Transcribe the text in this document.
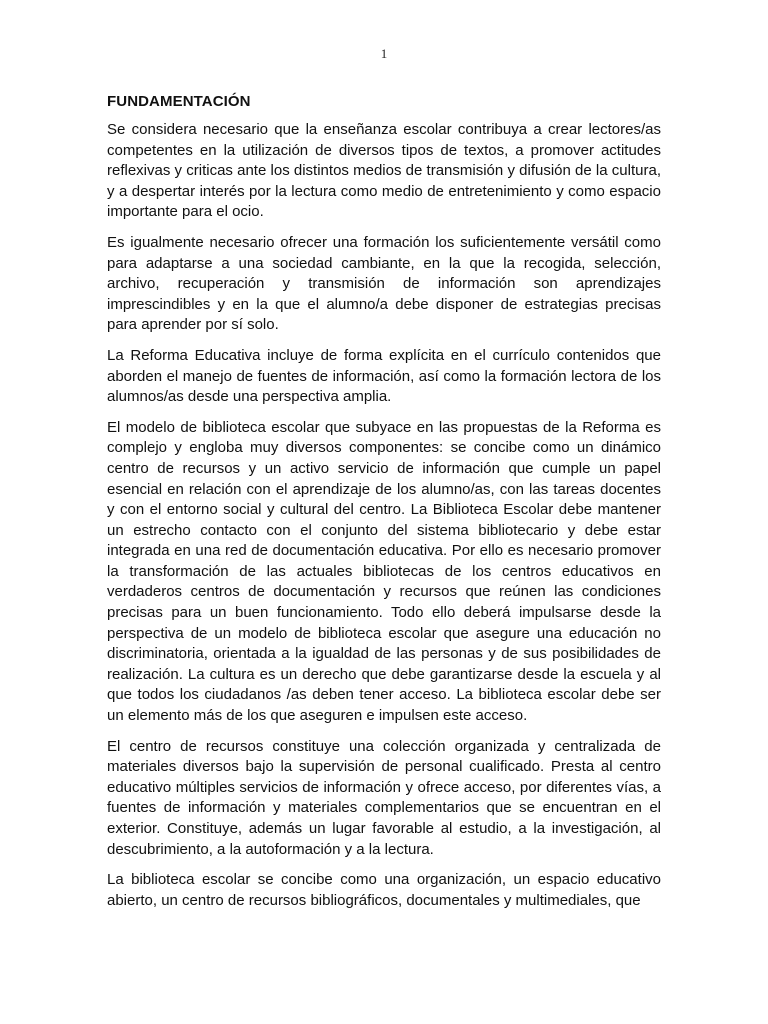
1
FUNDAMENTACIÓN

Se considera necesario que la enseñanza escolar contribuya a crear lectores/as competentes en la utilización de diversos tipos de textos, a promover actitudes reflexivas y criticas ante los distintos medios de transmisión y difusión de la cultura, y a despertar interés por la lectura como medio de entretenimiento y como espacio importante para el ocio.

Es igualmente necesario ofrecer una formación los suficientemente versátil como para adaptarse a una sociedad cambiante, en la que la recogida, selección, archivo, recuperación y transmisión de información son aprendizajes imprescindibles y en la que el alumno/a debe disponer de estrategias precisas para aprender por sí solo.

La Reforma Educativa incluye de forma explícita en el currículo contenidos que aborden el manejo de fuentes de información, así como la formación lectora de los alumnos/as desde una perspectiva amplia.

El modelo de biblioteca escolar que subyace en las propuestas de la Reforma es complejo y engloba muy diversos componentes: se concibe como un dinámico centro de recursos y un activo servicio de información que cumple un papel esencial en relación con el aprendizaje de los alumno/as, con las tareas docentes y con el entorno social y cultural del centro. La Biblioteca Escolar debe mantener un estrecho contacto con el conjunto del sistema bibliotecario y debe estar integrada en una red de documentación educativa. Por ello es necesario promover la transformación de las actuales bibliotecas de los centros educativos en verdaderos centros de documentación y recursos que reúnen las condiciones precisas para un buen funcionamiento. Todo ello deberá impulsarse desde la perspectiva de un modelo de biblioteca escolar que asegure una educación no discriminatoria, orientada a la igualdad de las personas y de sus posibilidades de realización. La cultura es un derecho que debe garantizarse desde la escuela y al que todos los ciudadanos /as deben tener acceso. La biblioteca escolar debe ser un elemento más de los que aseguren e impulsen este acceso.

El centro de recursos constituye una colección organizada y centralizada de materiales diversos bajo la supervisión de personal cualificado. Presta al centro educativo múltiples servicios de información y ofrece acceso, por diferentes vías, a fuentes de información y materiales complementarios que se encuentran en el exterior. Constituye, además un lugar favorable al estudio, a la investigación, al descubrimiento, a la autoformación y a la lectura.

La biblioteca escolar se concibe como una organización, un espacio educativo abierto, un centro de recursos bibliográficos, documentales y multimediales, que
